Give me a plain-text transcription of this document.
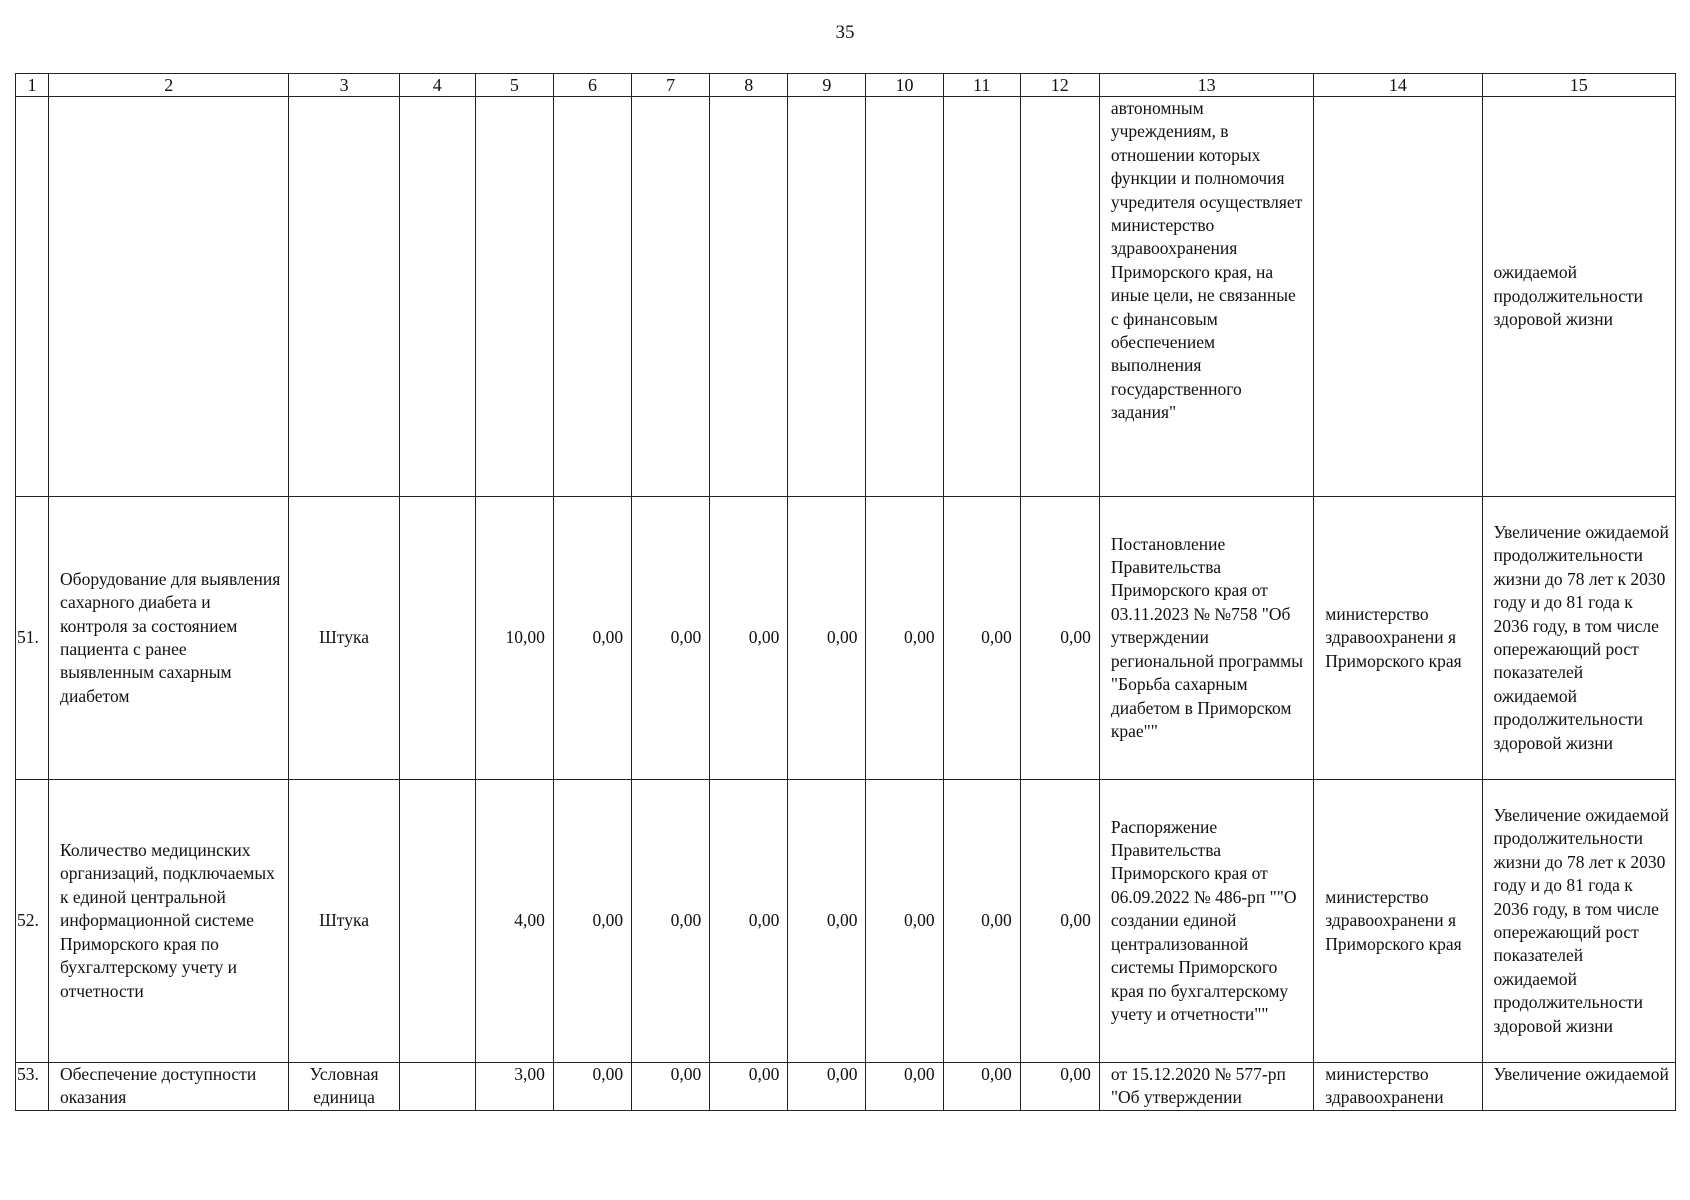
35
1	2	3	4	5	6	7	8	9	10	11	12	13	14	15
												автономным учреждениям, в отношении которых функции и полномочия учредителя осуществляет министерство здравоохранения Приморского края, на иные цели, не связанные с финансовым обеспечением выполнения государственного задания"		ожидаемой продолжительности здоровой жизни
51.	Оборудование для выявления сахарного диабета и контроля за состоянием пациента с ранее выявленным сахарным диабетом	Штука		10,00	0,00	0,00	0,00	0,00	0,00	0,00	0,00	Постановление Правительства Приморского края от 03.11.2023 № №758 "Об утверждении региональной программы "Борьба сахарным диабетом в Приморском крае""	министерство здравоохранени я Приморского края	Увеличение ожидаемой продолжительности жизни до 78 лет к 2030 году и до 81 года к 2036 году, в том числе опережающий рост показателей ожидаемой продолжительности здоровой жизни
52.	Количество медицинских организаций, подключаемых к единой центральной информационной системе Приморского края по бухгалтерскому учету и отчетности	Штука		4,00	0,00	0,00	0,00	0,00	0,00	0,00	0,00	Распоряжение Правительства Приморского края от 06.09.2022 № 486-рп ""О создании единой централизованной системы Приморского края по бухгалтерскому учету и отчетности""	министерство здравоохранени я Приморского края	Увеличение ожидаемой продолжительности жизни до 78 лет к 2030 году и до 81 года к 2036 году, в том числе опережающий рост показателей ожидаемой продолжительности здоровой жизни
53.	Обеспечение доступности оказания	Условная единица		3,00	0,00	0,00	0,00	0,00	0,00	0,00	0,00	от 15.12.2020 № 577-рп "Об утверждении	министерство здравоохранени	Увеличение ожидаемой
